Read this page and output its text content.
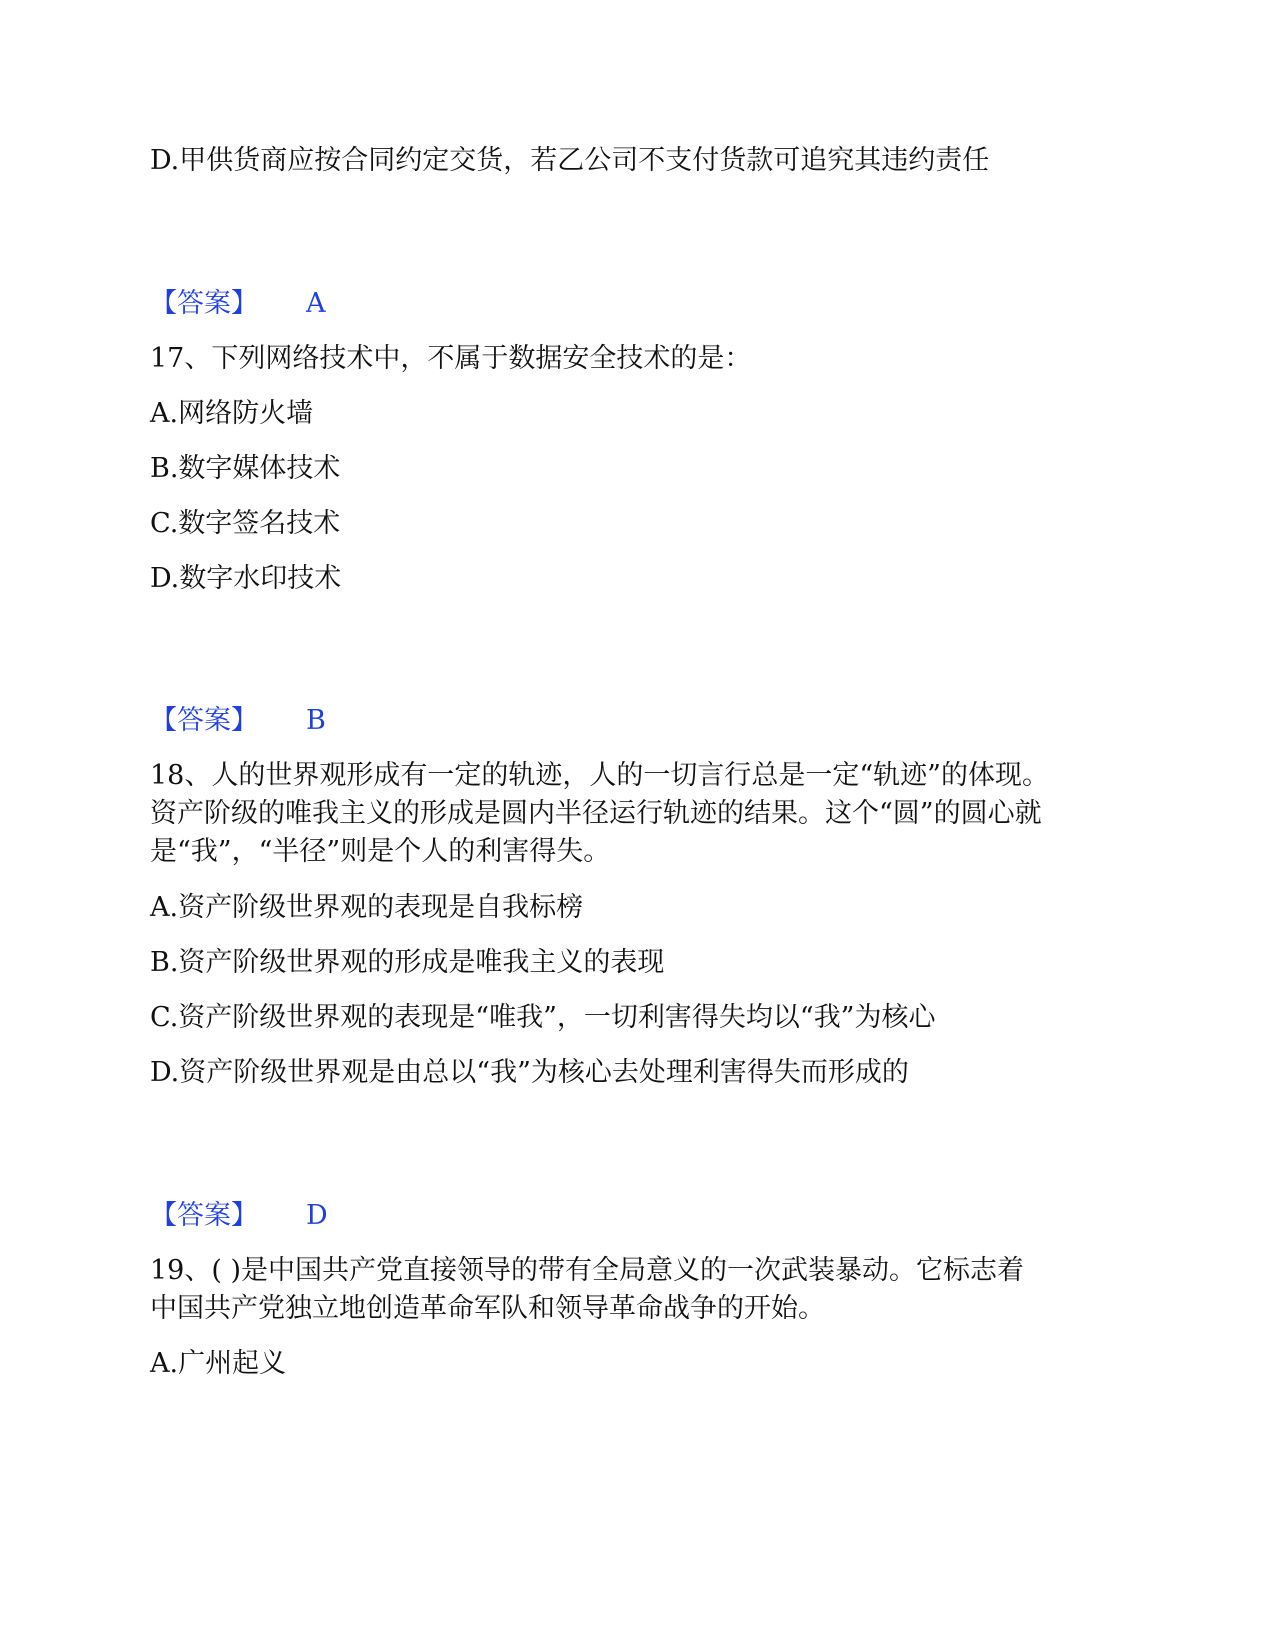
D.甲供货商应按合同约定交货，若乙公司不支付货款可追究其违约责任
【答案】 A
17、下列网络技术中，不属于数据安全技术的是：
A.网络防火墙
B.数字媒体技术
C.数字签名技术
D.数字水印技术
【答案】 B
18、人的世界观形成有一定的轨迹，人的一切言行总是一定“轨迹”的体现。
资产阶级的唯我主义的形成是圆内半径运行轨迹的结果。这个“圆”的圆心就
是“我”，“半径”则是个人的利害得失。
A.资产阶级世界观的表现是自我标榜
B.资产阶级世界观的形成是唯我主义的表现
C.资产阶级世界观的表现是“唯我”，一切利害得失均以“我”为核心
D.资产阶级世界观是由总以“我”为核心去处理利害得失而形成的
【答案】 D
19、( )是中国共产党直接领导的带有全局意义的一次武装暴动。它标志着
中国共产党独立地创造革命军队和领导革命战争的开始。
A.广州起义
